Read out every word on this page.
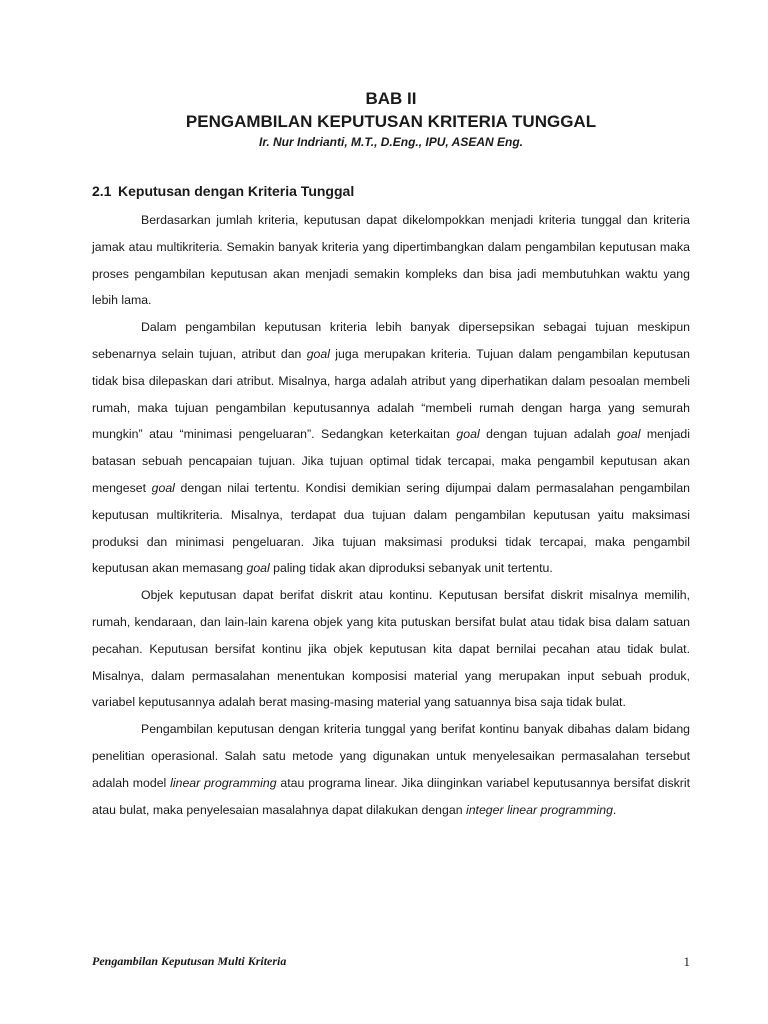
BAB II
PENGAMBILAN KEPUTUSAN KRITERIA TUNGGAL

Ir. Nur Indrianti, M.T., D.Eng., IPU, ASEAN Eng.

2.1 Keputusan dengan Kriteria Tunggal

Berdasarkan jumlah kriteria, keputusan dapat dikelompokkan menjadi kriteria tunggal dan kriteria jamak atau multikriteria. Semakin banyak kriteria yang dipertimbangkan dalam pengambilan keputusan maka proses pengambilan keputusan akan menjadi semakin kompleks dan bisa jadi membutuhkan waktu yang lebih lama.

Dalam pengambilan keputusan kriteria lebih banyak dipersepsikan sebagai tujuan meskipun sebenarnya selain tujuan, atribut dan goal juga merupakan kriteria. Tujuan dalam pengambilan keputusan tidak bisa dilepaskan dari atribut. Misalnya, harga adalah atribut yang diperhatikan dalam pesoalan membeli rumah, maka tujuan pengambilan keputusannya adalah “membeli rumah dengan harga yang semurah mungkin” atau “minimasi pengeluaran”. Sedangkan keterkaitan goal dengan tujuan adalah goal menjadi batasan sebuah pencapaian tujuan. Jika tujuan optimal tidak tercapai, maka pengambil keputusan akan mengeset goal dengan nilai tertentu. Kondisi demikian sering dijumpai dalam permasalahan pengambilan keputusan multikriteria. Misalnya, terdapat dua tujuan dalam pengambilan keputusan yaitu maksimasi produksi dan minimasi pengeluaran. Jika tujuan maksimasi produksi tidak tercapai, maka pengambil keputusan akan memasang goal paling tidak akan diproduksi sebanyak unit tertentu.

Objek keputusan dapat berifat diskrit atau kontinu. Keputusan bersifat diskrit misalnya memilih, rumah, kendaraan, dan lain-lain karena objek yang kita putuskan bersifat bulat atau tidak bisa dalam satuan pecahan. Keputusan bersifat kontinu jika objek keputusan kita dapat bernilai pecahan atau tidak bulat. Misalnya, dalam permasalahan menentukan komposisi material yang merupakan input sebuah produk, variabel keputusannya adalah berat masing-masing material yang satuannya bisa saja tidak bulat.

Pengambilan keputusan dengan kriteria tunggal yang berifat kontinu banyak dibahas dalam bidang penelitian operasional. Salah satu metode yang digunakan untuk menyelesaikan permasalahan tersebut adalah model linear programming atau programa linear. Jika diinginkan variabel keputusannya bersifat diskrit atau bulat, maka penyelesaian masalahnya dapat dilakukan dengan integer linear programming.

Pengambilan Keputusan Multi Kriteria	1
